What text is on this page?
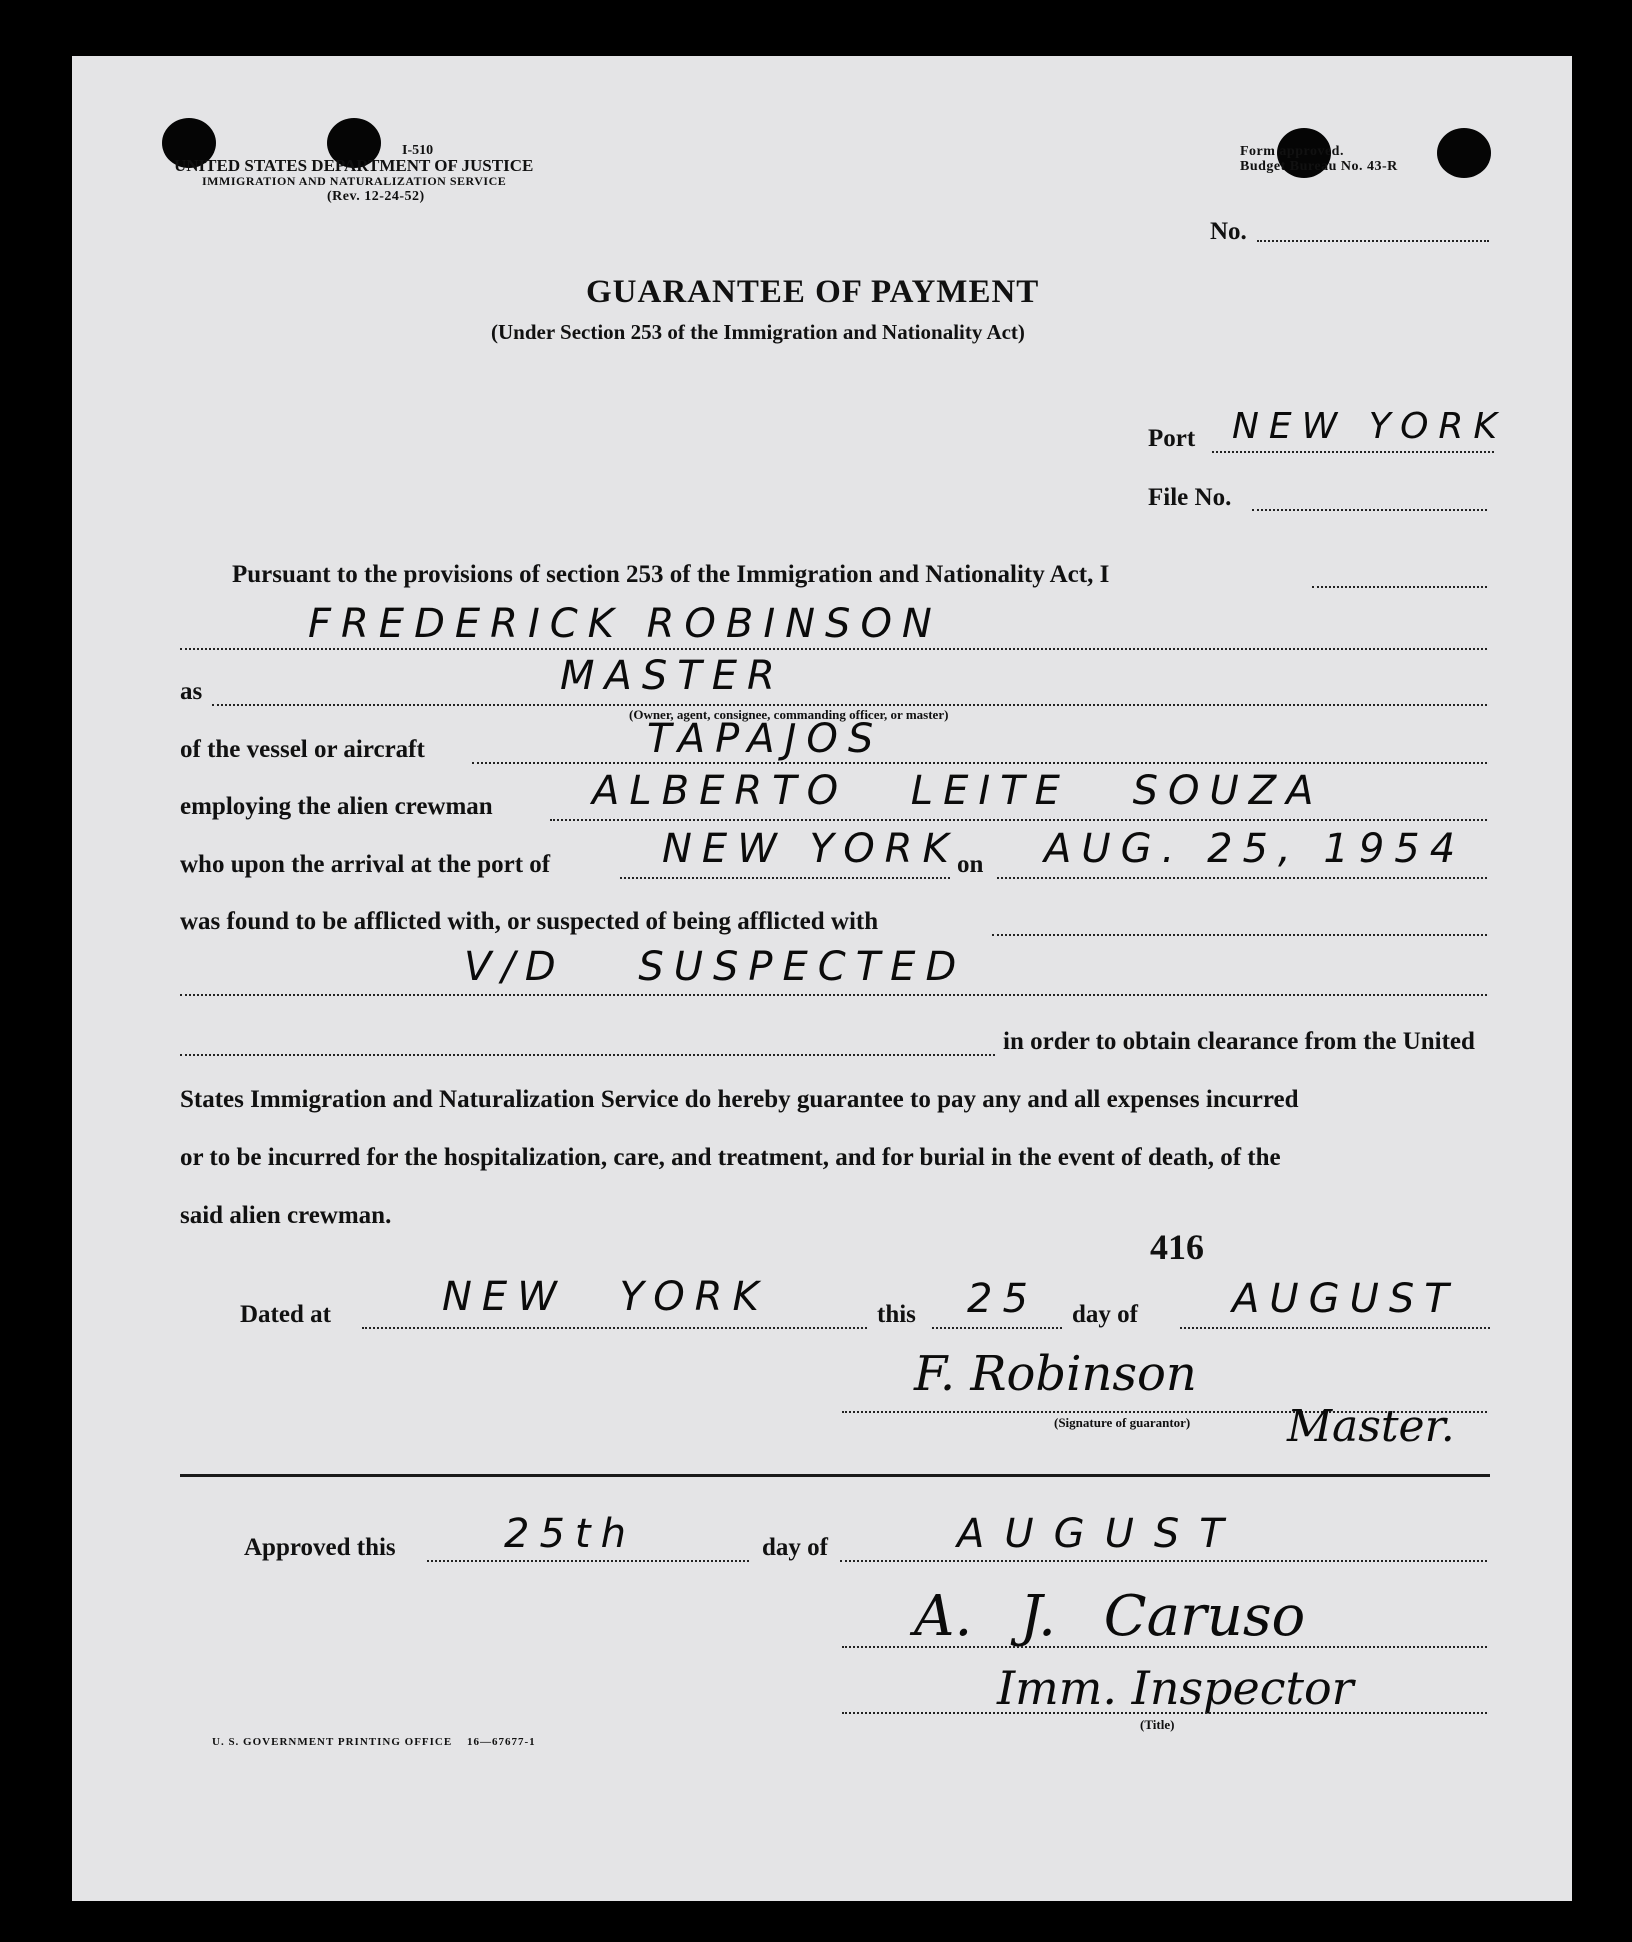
I-510
UNITED STATES DEPARTMENT OF JUSTICE
IMMIGRATION AND NATURALIZATION SERVICE
(Rev. 12-24-52)
Form approved.
Budget Bureau No. 43-R
No.
GUARANTEE OF PAYMENT
(Under Section 253 of the Immigration and Nationality Act)
Port NEW YORK
File No.
Pursuant to the provisions of section 253 of the Immigration and Nationality Act, I
FREDERICK ROBINSON
as	MASTER
(Owner, agent, consignee, commanding officer, or master)
of the vessel or aircraft	TAPAJOS
employing the alien crewman ALBERTO LEITE SOUZA
who upon the arrival at the port of	NEW YORK
on AUG. 25, 1954
was found to be afflicted with, or suspected of being afflicted with
V/D SUSPECTED
in order to obtain clearance from the United
States Immigration and Naturalization Service do hereby guarantee to pay any and all expenses incurred
or to be incurred for the hospitalization, care, and treatment, and for burial in the event of death, of the
said alien crewman.
416
Dated at	NEW YORK	this 25 day of AUGUST
F. Robinson
(Signature of guarantor) Master.
Approved this	25th	day of	AUGUST
A. J. Caruso
Imm. Inspector
(Title)
U. S. GOVERNMENT PRINTING OFFICE 16—67677-1
